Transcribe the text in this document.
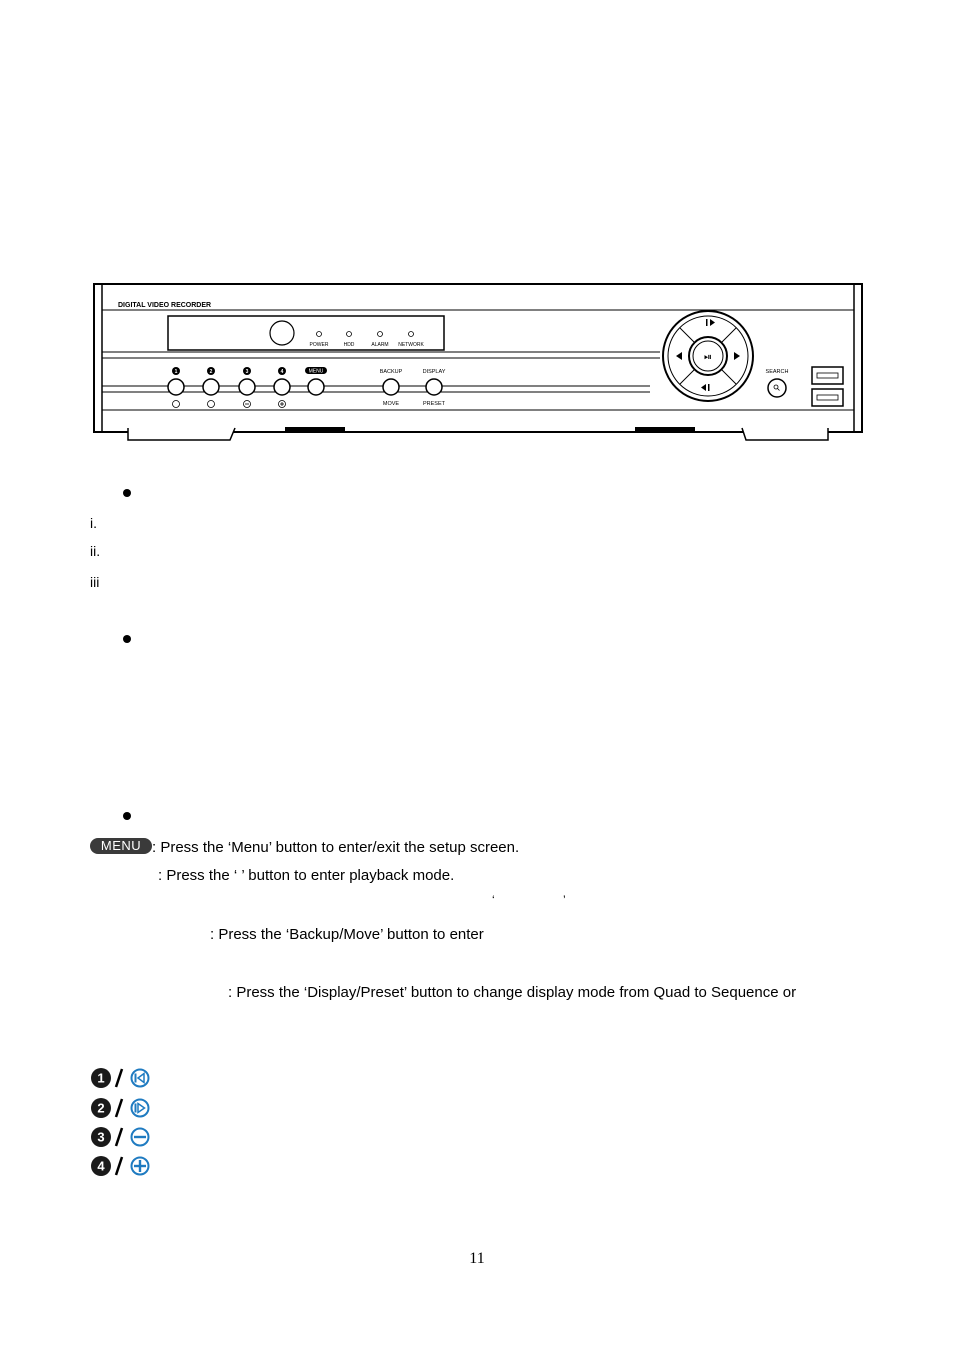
DIGITAL VIDEO RECORDER
POWER	HDD	ALARM NETWORK
1	2	3	4	MENU	BACKUP
MOVE
DISPLAY
PRESET
⏯
SEARCH
i.
ii.
iii
MENU : Press the ‘Menu’ button to enter/exit the setup screen.
: Press the ‘ ’ button to enter playback mode.
‘	’
: Press the ‘Backup/Move’ button to enter
: Press the ‘Display/Preset’ button to change display mode from Quad to Sequence or
1
2
3
4
11
